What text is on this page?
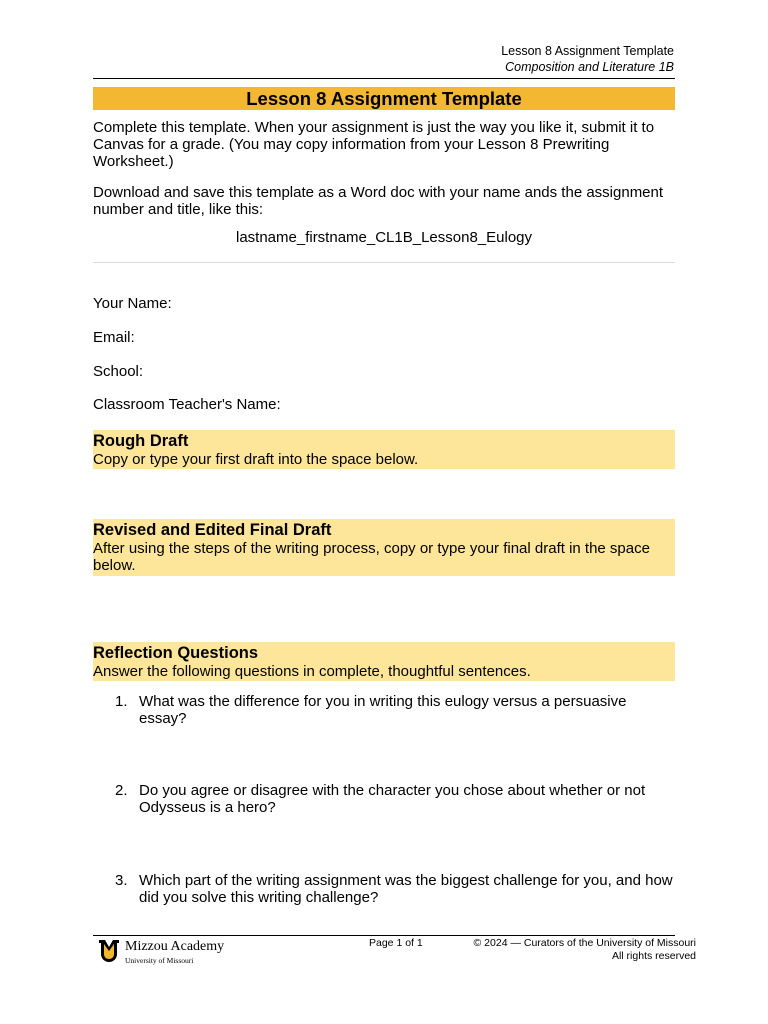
Lesson 8 Assignment Template
Composition and Literature 1B
Lesson 8 Assignment Template

Complete this template. When your assignment is just the way you like it, submit it to Canvas for a grade. (You may copy information from your Lesson 8 Prewriting Worksheet.)

Download and save this template as a Word doc with your name ands the assignment number and title, like this:

lastname_firstname_CL1B_Lesson8_Eulogy
Your Name:
Email:
School:
Classroom Teacher's Name:
Rough Draft

Copy or type your first draft into the space below.

Revised and Edited Final Draft

After using the steps of the writing process, copy or type your final draft in the space below.

Reflection Questions

Answer the following questions in complete, thoughtful sentences.

1. What was the difference for you in writing this eulogy versus a persuasive essay?
2. Do you agree or disagree with the character you chose about whether or not Odysseus is a hero?
3. Which part of the writing assignment was the biggest challenge for you, and how did you solve this writing challenge?
Mizzou Academy
University of Missouri
Page 1 of 1	© 2024 — Curators of the University of Missouri
All rights reserved
